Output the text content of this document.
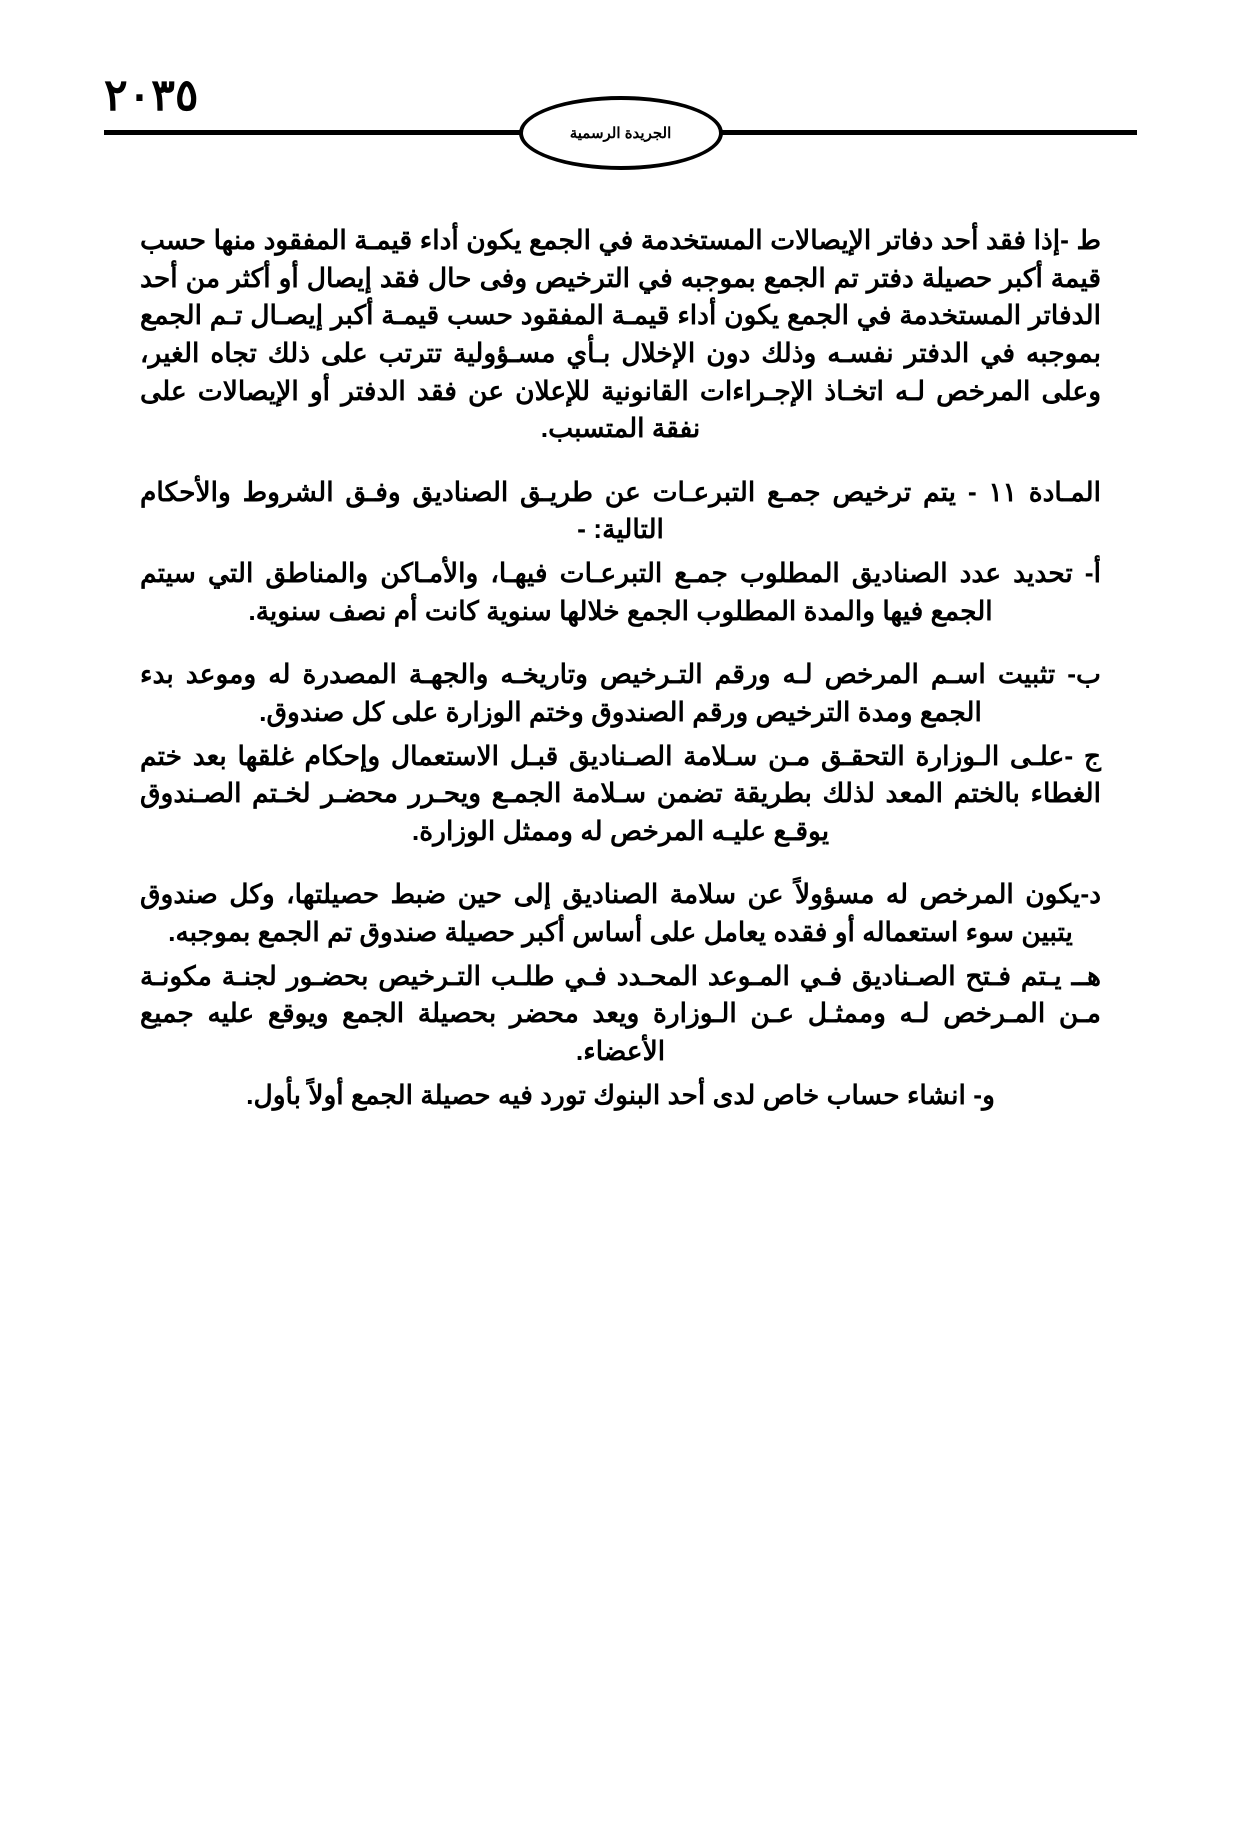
٢٠٣٥
الجريدة الرسمية

ط -إذا فقد أحد دفاتر الإيصالات المستخدمة في الجمع يكون أداء قيمـة المفقود منها حسب قيمة أكبر حصيلة دفتر تم الجمع بموجبه في الترخيص وفى حال فقد إيصال أو أكثر من أحد الدفاتر المستخدمة في الجمع يكون أداء قيمـة المفقود حسب قيمـة أكبر إيصـال تـم الجمع بموجبه في الدفتر نفسـه وذلك دون الإخلال بـأي مسـؤولية تترتب على ذلك تجاه الغير، وعلى المرخص لـه اتخـاذ الإجـراءات القانونية للإعلان عن فقد الدفتر أو الإيصالات على نفقة المتسبب.

المـادة ١١ - يتم ترخيص جمـع التبرعـات عن طريـق الصناديق وفـق الشروط والأحكام التالية: -

أ- تحديد عدد الصناديق المطلوب جمـع التبرعـات فيهـا، والأمـاكن والمناطق التي سيتم الجمع فيها والمدة المطلوب الجمع خلالها سنوية كانت أم نصف سنوية.

ب- تثبيت اسـم المرخص لـه ورقم التـرخيص وتاريخـه والجهـة المصدرة له وموعد بدء الجمع ومدة الترخيص ورقم الصندوق وختم الوزارة على كل صندوق.

ج -علـى الـوزارة التحقـق مـن سـلامة الصـناديق قبـل الاستعمال وإحكام غلقها بعد ختم الغطاء بالختم المعد لذلك بطريقة تضمن سـلامة الجمـع ويحـرر محضـر لخـتم الصـندوق يوقـع عليـه المرخص له وممثل الوزارة.

د-يكون المرخص له مسؤولاً عن سلامة الصناديق إلى حين ضبط حصيلتها، وكل صندوق يتبين سوء استعماله أو فقده يعامل على أساس أكبر حصيلة صندوق تم الجمع بموجبه.

هــ يـتم فـتح الصـناديق فـي المـوعد المحـدد فـي طلـب التـرخيص بحضـور لجنـة مكونـة مـن المـرخص لـه وممثـل عـن الـوزارة ويعد محضر بحصيلة الجمع ويوقع عليه جميع الأعضاء.

و- انشاء حساب خاص لدى أحد البنوك تورد فيه حصيلة الجمع أولاً بأول.
